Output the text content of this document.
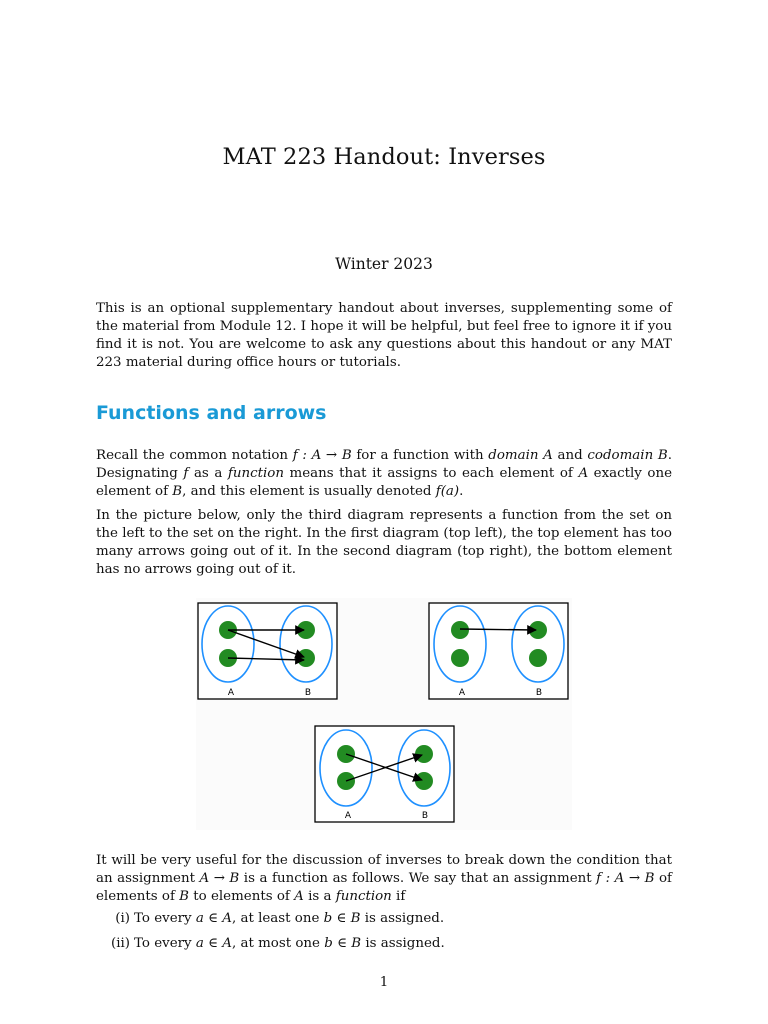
MAT 223 Handout: Inverses
Winter 2023
This is an optional supplementary handout about inverses, supplementing some of the material from Module 12. I hope it will be helpful, but feel free to ignore it if you find it is not. You are welcome to ask any questions about this handout or any MAT 223 material during office hours or tutorials.
Functions and arrows
Recall the common notation f : A → B for a function with domain A and codomain B. Designating f as a function means that it assigns to each element of A exactly one element of B, and this element is usually denoted f(a).
In the picture below, only the third diagram represents a function from the set on the left to the set on the right. In the first diagram (top left), the top element has too many arrows going out of it. In the second diagram (top right), the bottom element has no arrows going out of it.
A	B	A	B
A	B
It will be very useful for the discussion of inverses to break down the condition that an assignment A → B is a function as follows. We say that an assignment f : A → B of elements of B to elements of A is a function if
(i) To every a ∈ A, at least one b ∈ B is assigned.
(ii) To every a ∈ A, at most one b ∈ B is assigned.
1
